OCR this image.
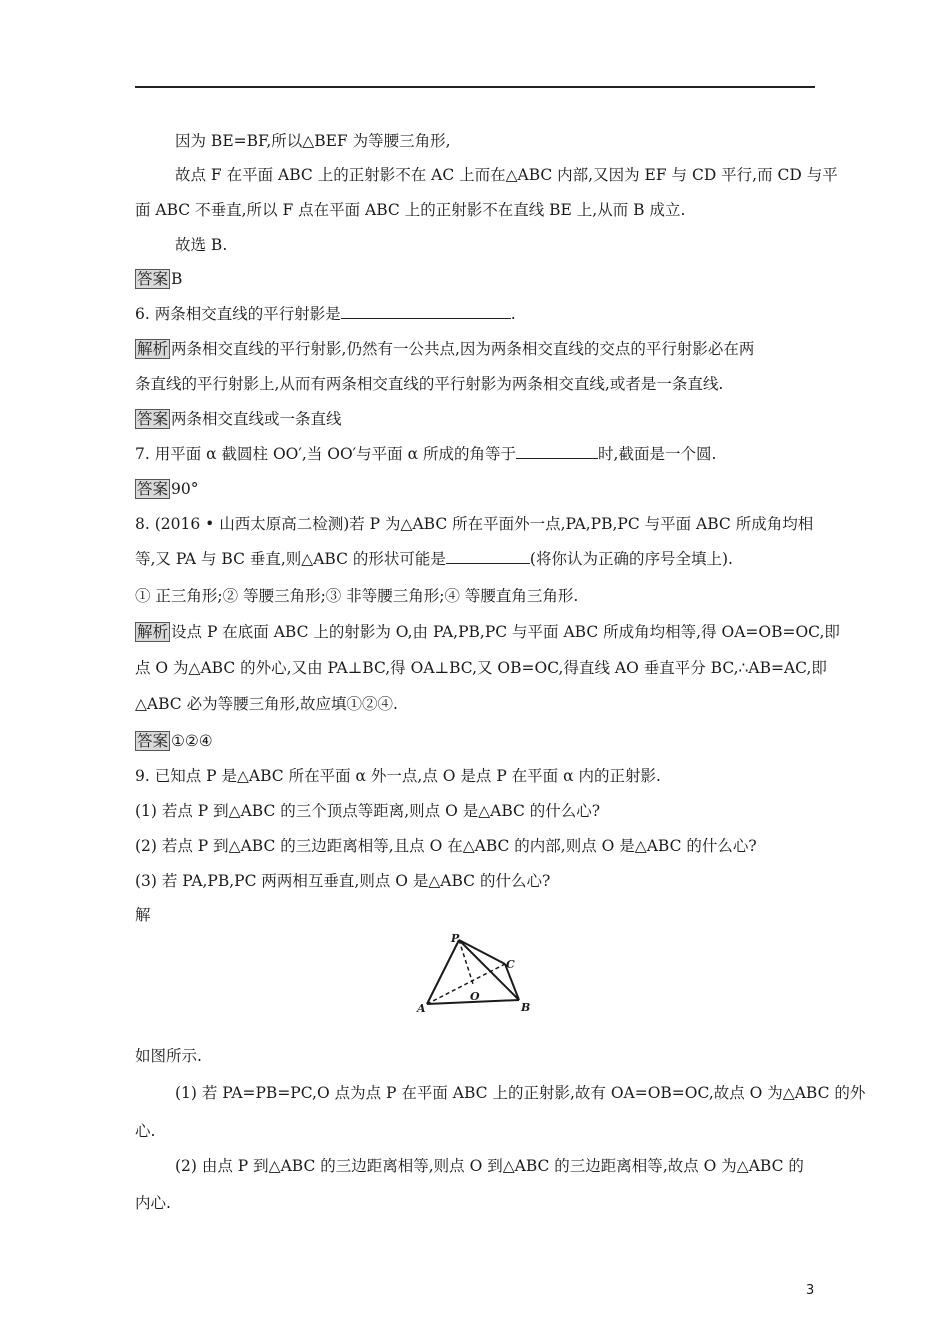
因为 BE=BF,所以△BEF 为等腰三角形,
故点 F 在平面 ABC 上的正射影不在 AC 上而在△ABC 内部,又因为 EF 与 CD 平行,而 CD 与平
面 ABC 不垂直,所以 F 点在平面 ABC 上的正射影不在直线 BE 上,从而 B 成立.
故选 B.
答案 B
6. 两条相交直线的平行射影是	.
解析 两条相交直线的平行射影,仍然有一公共点,因为两条相交直线的交点的平行射影必在两
条直线的平行射影上,从而有两条相交直线的平行射影为两条相交直线,或者是一条直线.
答案 两条相交直线或一条直线
7. 用平面 α 截圆柱 OO′,当 OO′与平面 α 所成的角等于	时,截面是一个圆.
答案 90°
8. (2016 • 山西太原高二检测)若 P 为△ABC 所在平面外一点,PA,PB,PC 与平面 ABC 所成角均相
等,又 PA 与 BC 垂直,则△ABC 的形状可能是	(将你认为正确的序号全填上).
① 正三角形;② 等腰三角形;③ 非等腰三角形;④ 等腰直角三角形.
解析 设点 P 在底面 ABC 上的射影为 O,由 PA,PB,PC 与平面 ABC 所成角均相等,得 OA=OB=OC,即
点 O 为△ABC 的外心,又由 PA⊥BC,得 OA⊥BC,又 OB=OC,得直线 AO 垂直平分 BC,∴AB=AC,即
△ABC 必为等腰三角形,故应填①②④.
答案 ①②④
9. 已知点 P 是△ABC 所在平面 α 外一点,点 O 是点 P 在平面 α 内的正射影.
(1) 若点 P 到△ABC 的三个顶点等距离,则点 O 是△ABC 的什么心?
(2) 若点 P 到△ABC 的三边距离相等,且点 O 在△ABC 的内部,则点 O 是△ABC 的什么心?
(3) 若 PA,PB,PC 两两相互垂直,则点 O 是△ABC 的什么心?
解
P
C
O
A	B
如图所示.
(1) 若 PA=PB=PC,O 点为点 P 在平面 ABC 上的正射影,故有 OA=OB=OC,故点 O 为△ABC 的外
心.
(2) 由点 P 到△ABC 的三边距离相等,则点 O 到△ABC 的三边距离相等,故点 O 为△ABC 的
内心.
3
